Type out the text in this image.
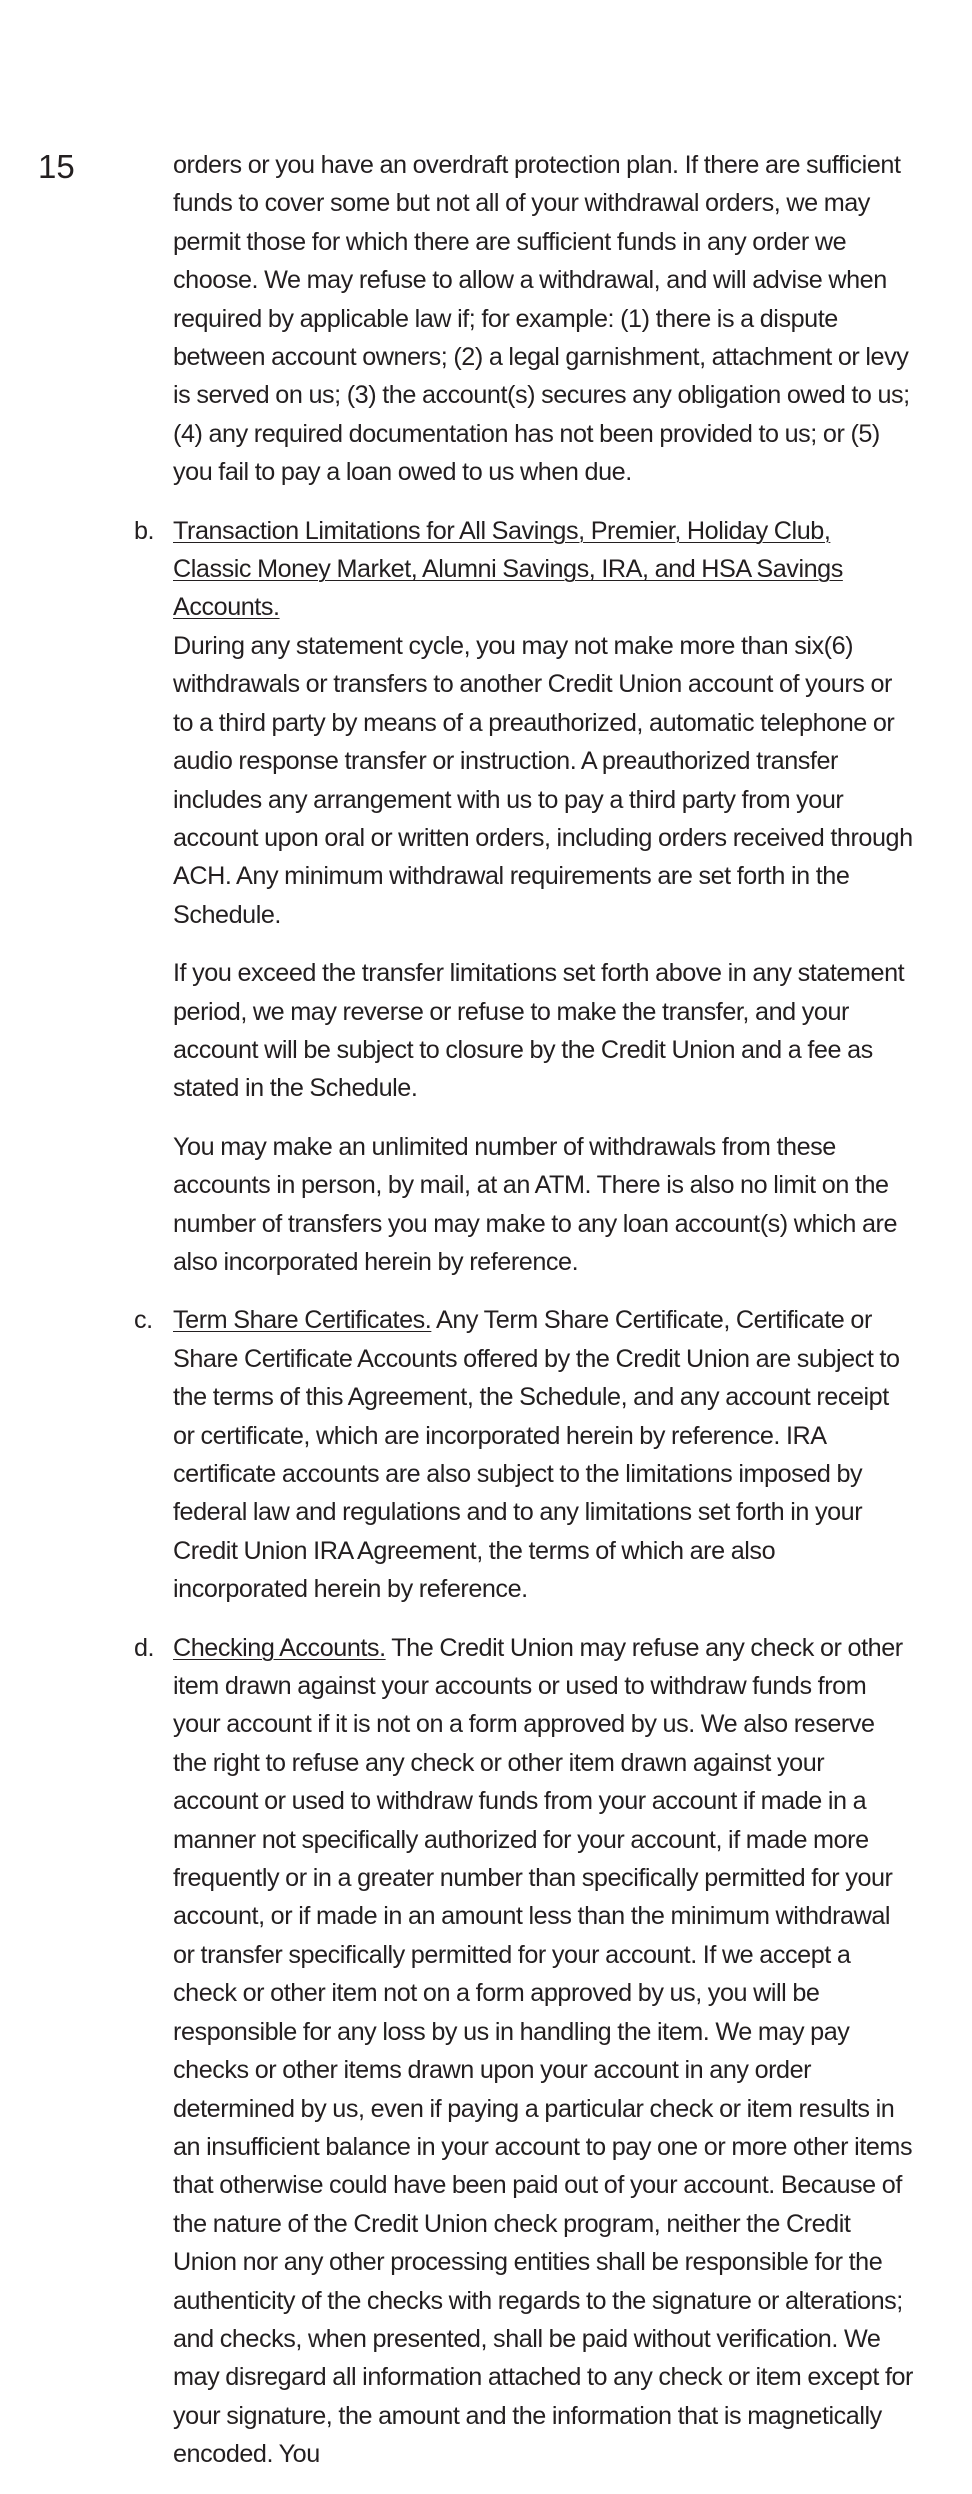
15	orders or you have an overdraft protection plan. If there are sufficient funds to cover some but not all of your withdrawal orders, we may permit those for which there are sufficient funds in any order we choose. We may refuse to allow a withdrawal, and will advise when required by applicable law if; for example: (1) there is a dispute between account owners; (2) a legal garnishment, attachment or levy is served on us; (3) the account(s) secures any obligation owed to us; (4) any required documentation has not been provided to us; or (5) you fail to pay a loan owed to us when due.

b. Transaction Limitations for All Savings, Premier, Holiday Club, Classic Money Market, Alumni Savings, IRA, and HSA Savings Accounts.
During any statement cycle, you may not make more than six(6) withdrawals or transfers to another Credit Union account of yours or to a third party by means of a preauthorized, automatic telephone or audio response transfer or instruction. A preauthorized transfer includes any arrangement with us to pay a third party from your account upon oral or written orders, including orders received through ACH. Any minimum withdrawal requirements are set forth in the Schedule.

If you exceed the transfer limitations set forth above in any statement period, we may reverse or refuse to make the transfer, and your account will be subject to closure by the Credit Union and a fee as stated in the Schedule.

You may make an unlimited number of withdrawals from these accounts in person, by mail, at an ATM. There is also no limit on the number of transfers you may make to any loan account(s) which are also incorporated herein by reference.

c. Term Share Certificates. Any Term Share Certificate, Certificate or Share Certificate Accounts offered by the Credit Union are subject to the terms of this Agreement, the Schedule, and any account receipt or certificate, which are incorporated herein by reference. IRA certificate accounts are also subject to the limitations imposed by federal law and regulations and to any limitations set forth in your Credit Union IRA Agreement, the terms of which are also incorporated herein by reference.

d. Checking Accounts. The Credit Union may refuse any check or other item drawn against your accounts or used to withdraw funds from your account if it is not on a form approved by us. We also reserve the right to refuse any check or other item drawn against your account or used to withdraw funds from your account if made in a manner not specifically authorized for your account, if made more frequently or in a greater number than specifically permitted for your account, or if made in an amount less than the minimum withdrawal or transfer specifically permitted for your account. If we accept a check or other item not on a form approved by us, you will be responsible for any loss by us in handling the item. We may pay checks or other items drawn upon your account in any order determined by us, even if paying a particular check or item results in an insufficient balance in your account to pay one or more other items that otherwise could have been paid out of your account. Because of the nature of the Credit Union check program, neither the Credit Union nor any other processing entities shall be responsible for the authenticity of the checks with regards to the signature or alterations; and checks, when presented, shall be paid without verification. We may disregard all information attached to any check or item except for your signature, the amount and the information that is magnetically encoded. You
